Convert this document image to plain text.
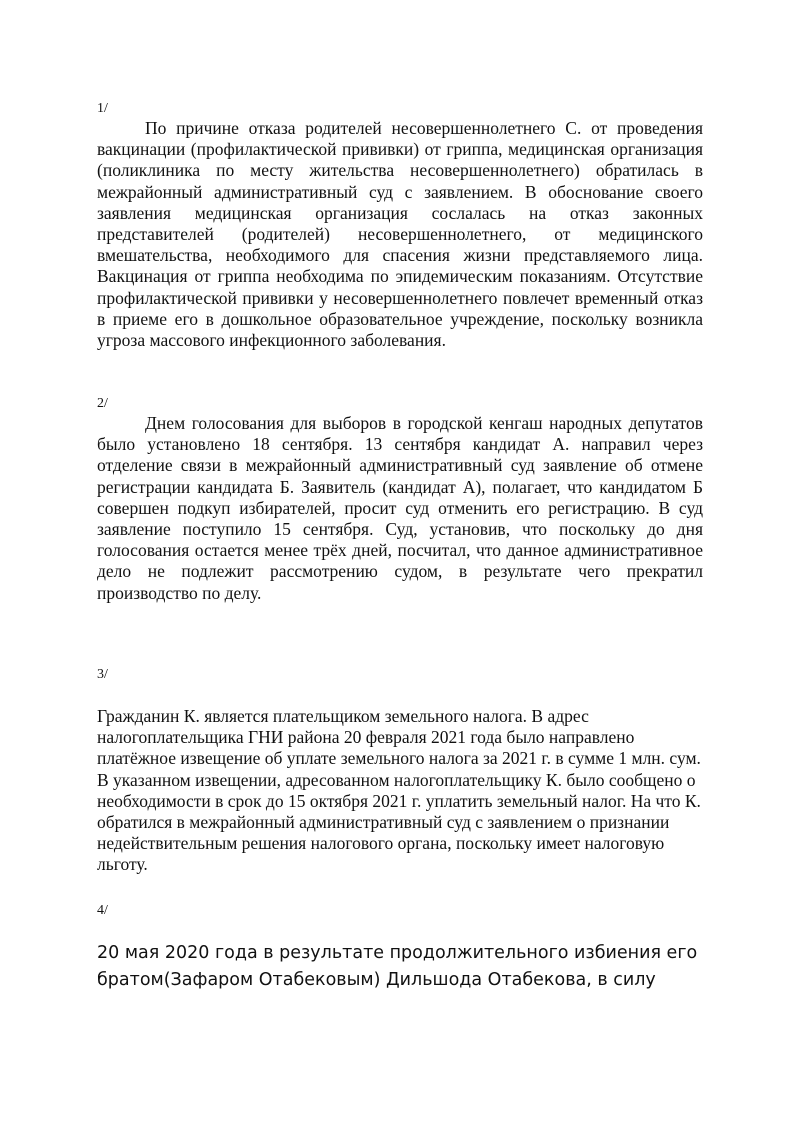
1/

По причине отказа родителей несовершеннолетнего С. от проведения вакцинации (профилактической прививки) от гриппа, медицинская организация (поликлиника по месту жительства несовершеннолетнего) обратилась в межрайонный административный суд с заявлением. В обоснование своего заявления медицинская организация сослалась на отказ законных представителей (родителей) несовершеннолетнего, от медицинского вмешательства, необходимого для спасения жизни представляемого лица. Вакцинация от гриппа необходима по эпидемическим показаниям. Отсутствие профилактической прививки у несовершеннолетнего повлечет временный отказ в приеме его в дошкольное образовательное учреждение, поскольку возникла угроза массового инфекционного заболевания.

2/

Днем голосования для выборов в городской кенгаш народных депутатов было установлено 18 сентября. 13 сентября кандидат А. направил через отделение связи в межрайонный административный суд заявление об отмене регистрации кандидата Б. Заявитель (кандидат А), полагает, что кандидатом Б совершен подкуп избирателей, просит суд отменить его регистрацию. В суд заявление поступило 15 сентября. Суд, установив, что поскольку до дня голосования остается менее трёх дней, посчитал, что данное административное дело не подлежит рассмотрению судом, в результате чего прекратил производство по делу.

3/

Гражданин К. является плательщиком земельного налога. В адрес налогоплательщика ГНИ района 20 февраля 2021 года было направлено платёжное извещение об уплате земельного налога за 2021 г. в сумме 1 млн. сум. В указанном извещении, адресованном налогоплательщику К. было сообщено о необходимости в срок до 15 октября 2021 г. уплатить земельный налог. На что К. обратился в межрайонный административный суд с заявлением о признании недействительным решения налогового органа, поскольку имеет налоговую льготу.

4/

20 мая 2020 года в результате продолжительного избиения его братом(Зафаром Отабековым) Дильшода Отабекова, в силу
